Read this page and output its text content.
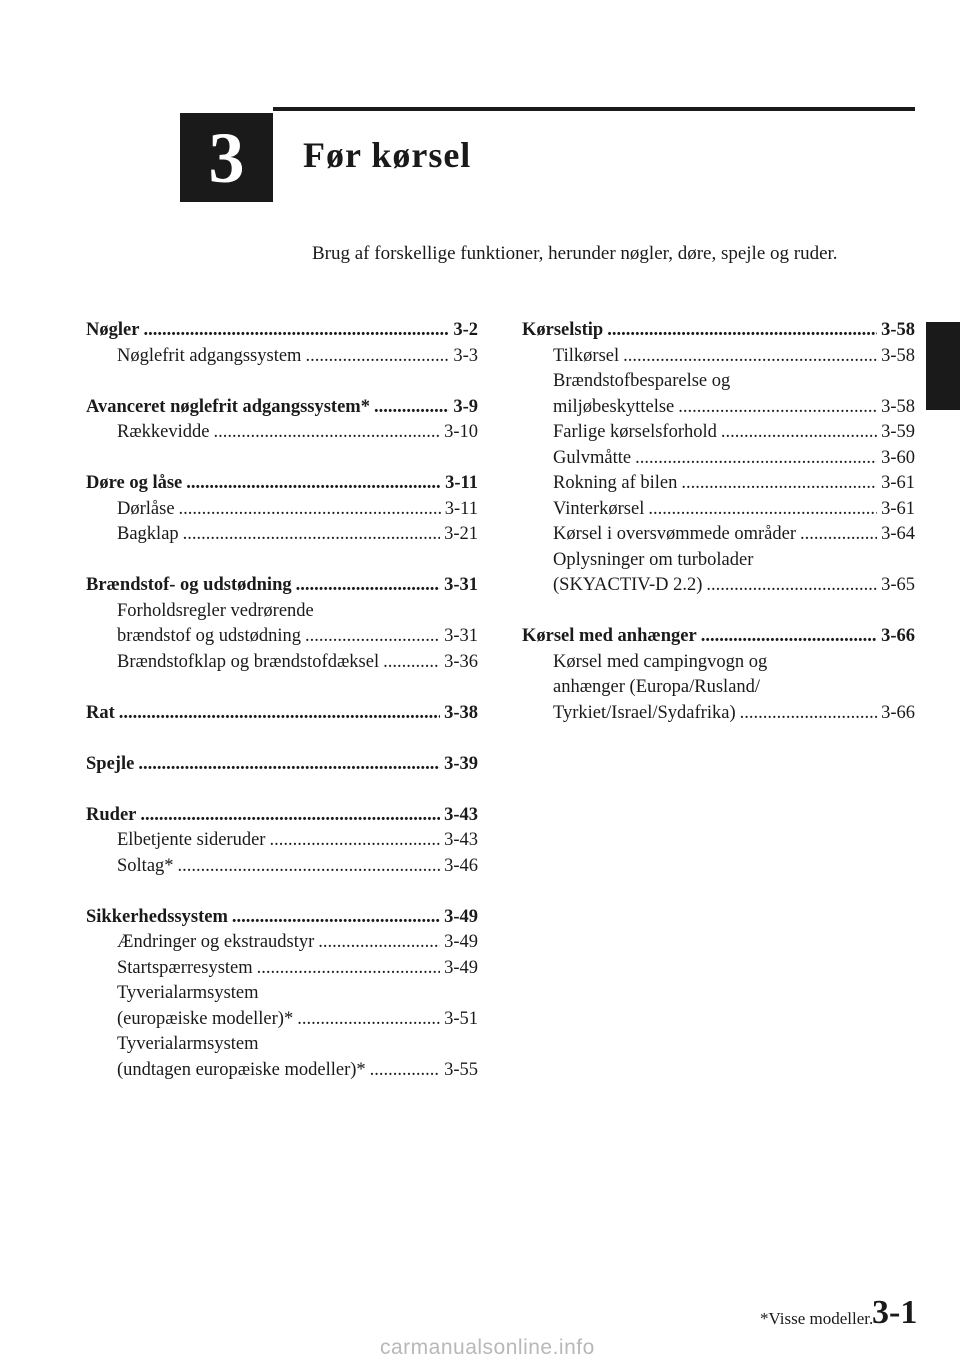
3 Før kørsel
Brug af forskellige funktioner, herunder nøgler, døre, spejle og ruder.
Nøgler .....	3-2
Nøglefrit adgangssystem .....	3-3
Avanceret nøglefrit adgangssystem* .....	3-9
Rækkevidde .....	3-10
Døre og låse .....	3-11
Dørlåse .....	3-11
Bagklap .....	3-21
Brændstof- og udstødning .....	3-31
Forholdsregler vedrørende
brændstof og udstødning .....	3-31
Brændstofklap og brændstofdæksel .....	3-36
Rat .....	3-38
Spejle .....	3-39
Ruder .....	3-43
Elbetjente sideruder .....	3-43
Soltag* .....	3-46
Sikkerhedssystem .....	3-49
Ændringer og ekstraudstyr .....	3-49
Startspærresystem .....	3-49
Tyverialarmsystem
(europæiske modeller)* .....	3-51
Tyverialarmsystem
(undtagen europæiske modeller)* .....	3-55
Kørselstip .....	3-58
Tilkørsel .....	3-58
Brændstofbesparelse og
miljøbeskyttelse .....	3-58
Farlige kørselsforhold .....	3-59
Gulvmåtte .....	3-60
Rokning af bilen .....	3-61
Vinterkørsel .....	3-61
Kørsel i oversvømmede områder .....	3-64
Oplysninger om turbolader
(SKYACTIV-D 2.2) .....	3-65
Kørsel med anhænger .....	3-66
Kørsel med campingvogn og
anhænger (Europa/Rusland/
Tyrkiet/Israel/Sydafrika) .....	3-66
*Visse modeller.
3-1
carmanualsonline.info
